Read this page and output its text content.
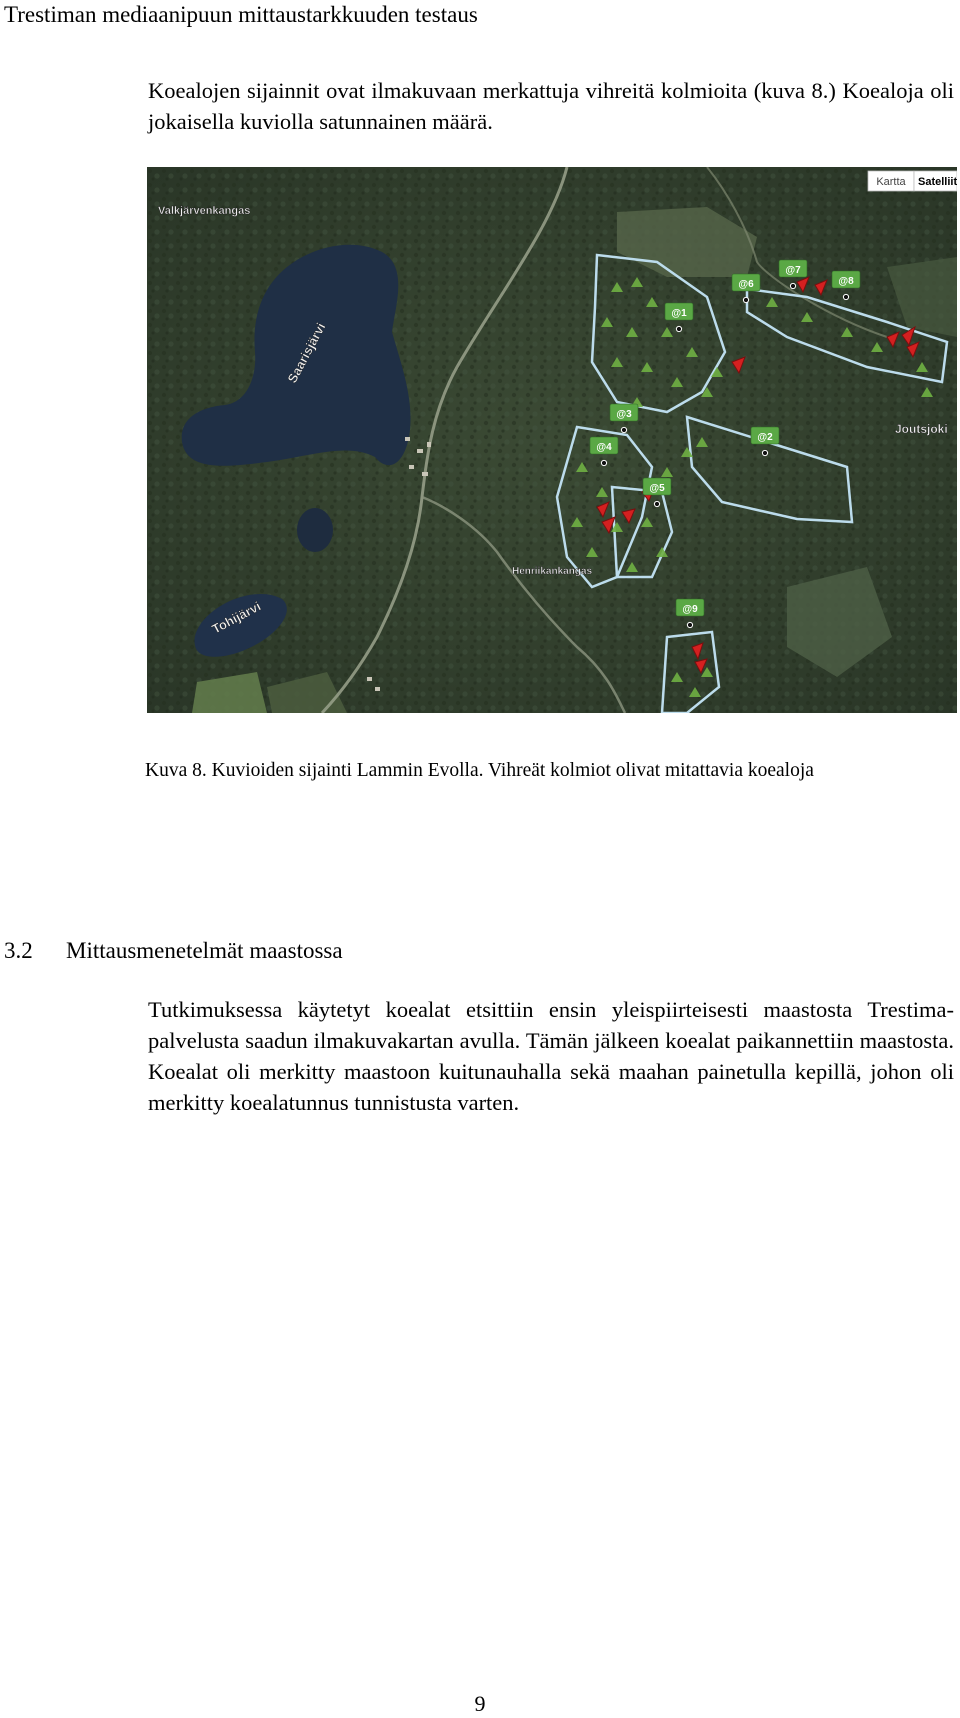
Trestiman mediaanipuun mittaustarkkuuden testaus
Koealojen sijainnit ovat ilmakuvaan merkattuja vihreitä kolmioita (kuva 8.) Koealoja oli jokaisella kuviolla satunnainen määrä.
Kartta Satelliit
Valkjärvenkangas
Saarisjärvi
Joutsjoki
Henriikankangas
Tohijärvi
@1
@2
@3
@4
@5
@6
@7
@8
@9
Kuva 8. Kuvioiden sijainti Lammin Evolla. Vihreät kolmiot olivat mitattavia koealoja
3.2 Mittausmenetelmät maastossa
Tutkimuksessa käytetyt koealat etsittiin ensin yleispiirteisesti maastosta Trestima-palvelusta saadun ilmakuvakartan avulla. Tämän jälkeen koealat paikannettiin maastosta. Koealat oli merkitty maastoon kuitunauhalla sekä maahan painetulla kepillä, johon oli merkitty koealatunnus tunnistusta varten.
9
